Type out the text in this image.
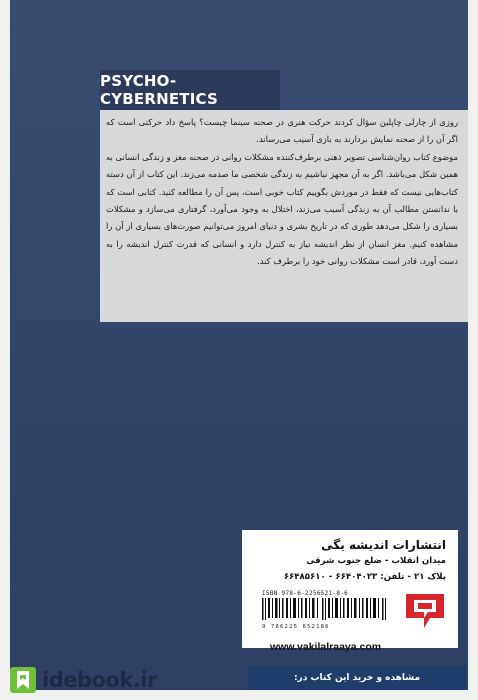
PSYCHO- CYBERNETICS

روزی از چارلی چاپلین سؤال کردند حرکت هنری در صحنه سینما چیست؟ پاسخ داد حرکتی است که اگر آن را از صحنه نمایش بردارند به بازی آسیب می‌رساند.

موضوع کتاب روان‌شناسی تصویر ذهنی برطرف‌کننده مشکلات روانی در صحنه مغز و زندگی انسانی به همین شکل می‌باشد. اگر به آن مجهز نباشیم به زندگی شخصی ما صدمه می‌زند. این کتاب از آن دسته کتاب‌هایی نیست که فقط در موردش بگوییم کتاب خوبی است، پس آن را مطالعه کنید. کتابی است که با ندانستن مطالب آن به زندگی آسیب می‌زند، اختلال به وجود می‌آورد، گرفتاری می‌سازد و مشکلات بسیاری را شکل می‌دهد طوری که در تاریخ بشری و دنیای امروز می‌توانیم صورت‌های بسیاری از آن را مشاهده کنیم. مغز انسان از نظر اندیشه نیاز به کنترل دارد و انسانی که قدرت کنترل اندیشه را به دست آورد، قادر است مشکلات روانی خود را برطرف کند.

انتشارات اندیشه یگی
میدان انقلاب - ضلع جنوب شرقی
پلاک ۲۱ - تلفن: ۶۶۴۰۴۰۲۳ - ۶۶۴۸۵۶۱۰
ISBN 978-6-2256521-8-6
9 786225 652186
www.vakilalraaya.com
idebook.ir	مشاهده و خرید این کتاب در:
